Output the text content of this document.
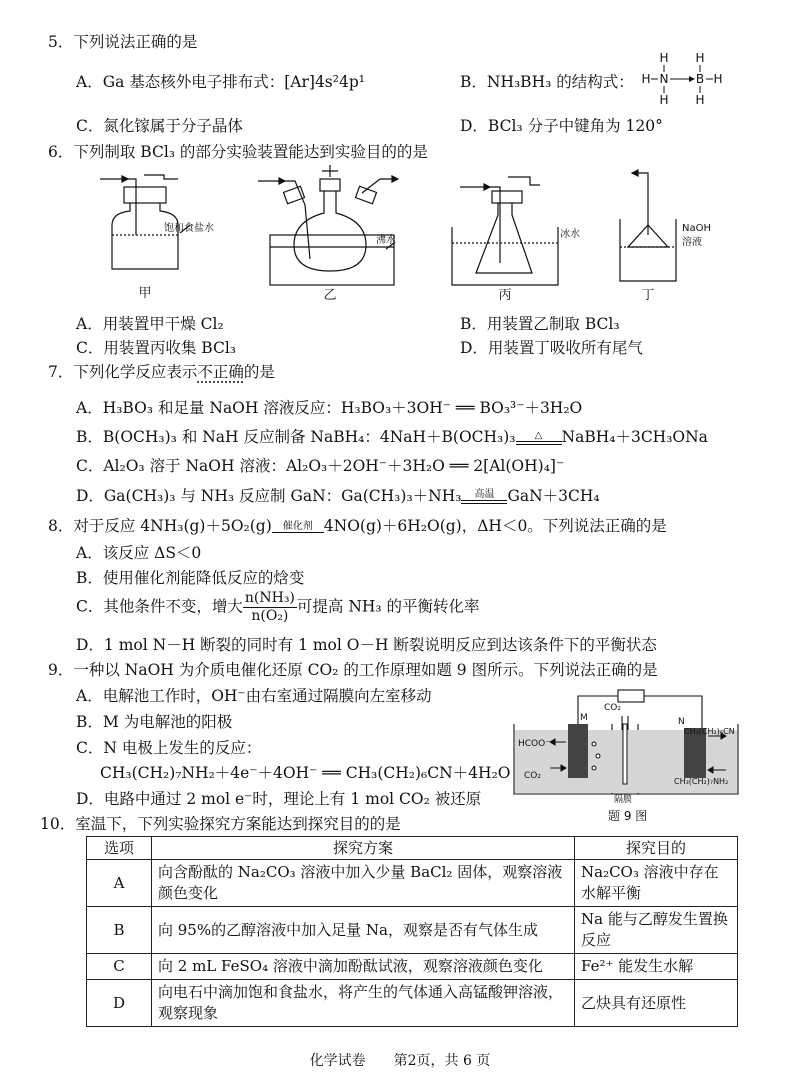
5．下列说法正确的是
A．Ga 基态核外电子排布式：[Ar]4s²4p¹	B．NH₃BH₃ 的结构式：
H H
H N B H
H H
C．氮化镓属于分子晶体	D．BCl₃ 分子中键角为 120°
6．下列制取 BCl₃ 的部分实验装置能达到实验目的的是
饱和食盐水
沸水
冰水
NaOH
溶液
甲	乙	丙	丁
A．用装置甲干燥 Cl₂	B．用装置乙制取 BCl₃
C．用装置丙收集 BCl₃	D．用装置丁吸收所有尾气
7．下列化学反应表示不正确的是
A．H₃BO₃ 和足量 NaOH 溶液反应：H₃BO₃＋3OH⁻ ══ BO₃³⁻＋3H₂O
B．B(OCH₃)₃ 和 NaH 反应制备 NaBH₄：4NaH＋B(OCH₃)₃	△	NaBH₄＋3CH₃ONa
C．Al₂O₃ 溶于 NaOH 溶液：Al₂O₃＋2OH⁻＋3H₂O ══ 2[Al(OH)₄]⁻
D．Ga(CH₃)₃ 与 NH₃ 反应制 GaN：Ga(CH₃)₃＋NH₃	高温 GaN＋3CH₄
8．对于反应 4NH₃(g)＋5O₂(g)	催化剂 4NO(g)＋6H₂O(g)，ΔH＜0。下列说法正确的是
A．该反应 ΔS＜0
B．使用催化剂能降低反应的焓变
C．其他条件不变，增大 $\frac{\text{n(NH₃)}}{\text{n(O₂)}}$ 可提高 NH₃ 的平衡转化率
D．1 mol N－H 断裂的同时有 1 mol O－H 断裂说明反应到达该条件下的平衡状态
9．一种以 NaOH 为介质电催化还原 CO₂ 的工作原理如题 9 图所示。下列说法正确的是
A．电解池工作时，OH⁻由右室通过隔膜向左室移动
B．M 为电解池的阳极
C．N 电极上发生的反应：
CH₃(CH₂)₇NH₂＋4e⁻＋4OH⁻ ══ CH₃(CH₂)₆CN＋4H₂O
D．电路中通过 2 mol e⁻时，理论上有 1 mol CO₂ 被还原
CO₂
M	N
HCOO⁻
CO₂
隔膜
CH₃(CH₂)₆CN
CH₃(CH₂)₇NH₂
题 9 图
10．室温下，下列实验探究方案能达到探究目的的是
选项	探究方案	探究目的
A	向含酚酞的 Na₂CO₃ 溶液中加入少量 BaCl₂ 固体，观察溶液颜色变化	Na₂CO₃ 溶液中存在水解平衡
B	向 95%的乙醇溶液中加入足量 Na，观察是否有气体生成	Na 能与乙醇发生置换反应
C	向 2 mL FeSO₄ 溶液中滴加酚酞试液，观察溶液颜色变化	Fe²⁺ 能发生水解
D	向电石中滴加饱和食盐水，将产生的气体通入高锰酸钾溶液，观察现象	乙炔具有还原性
化学试卷　　第2页，共 6 页
